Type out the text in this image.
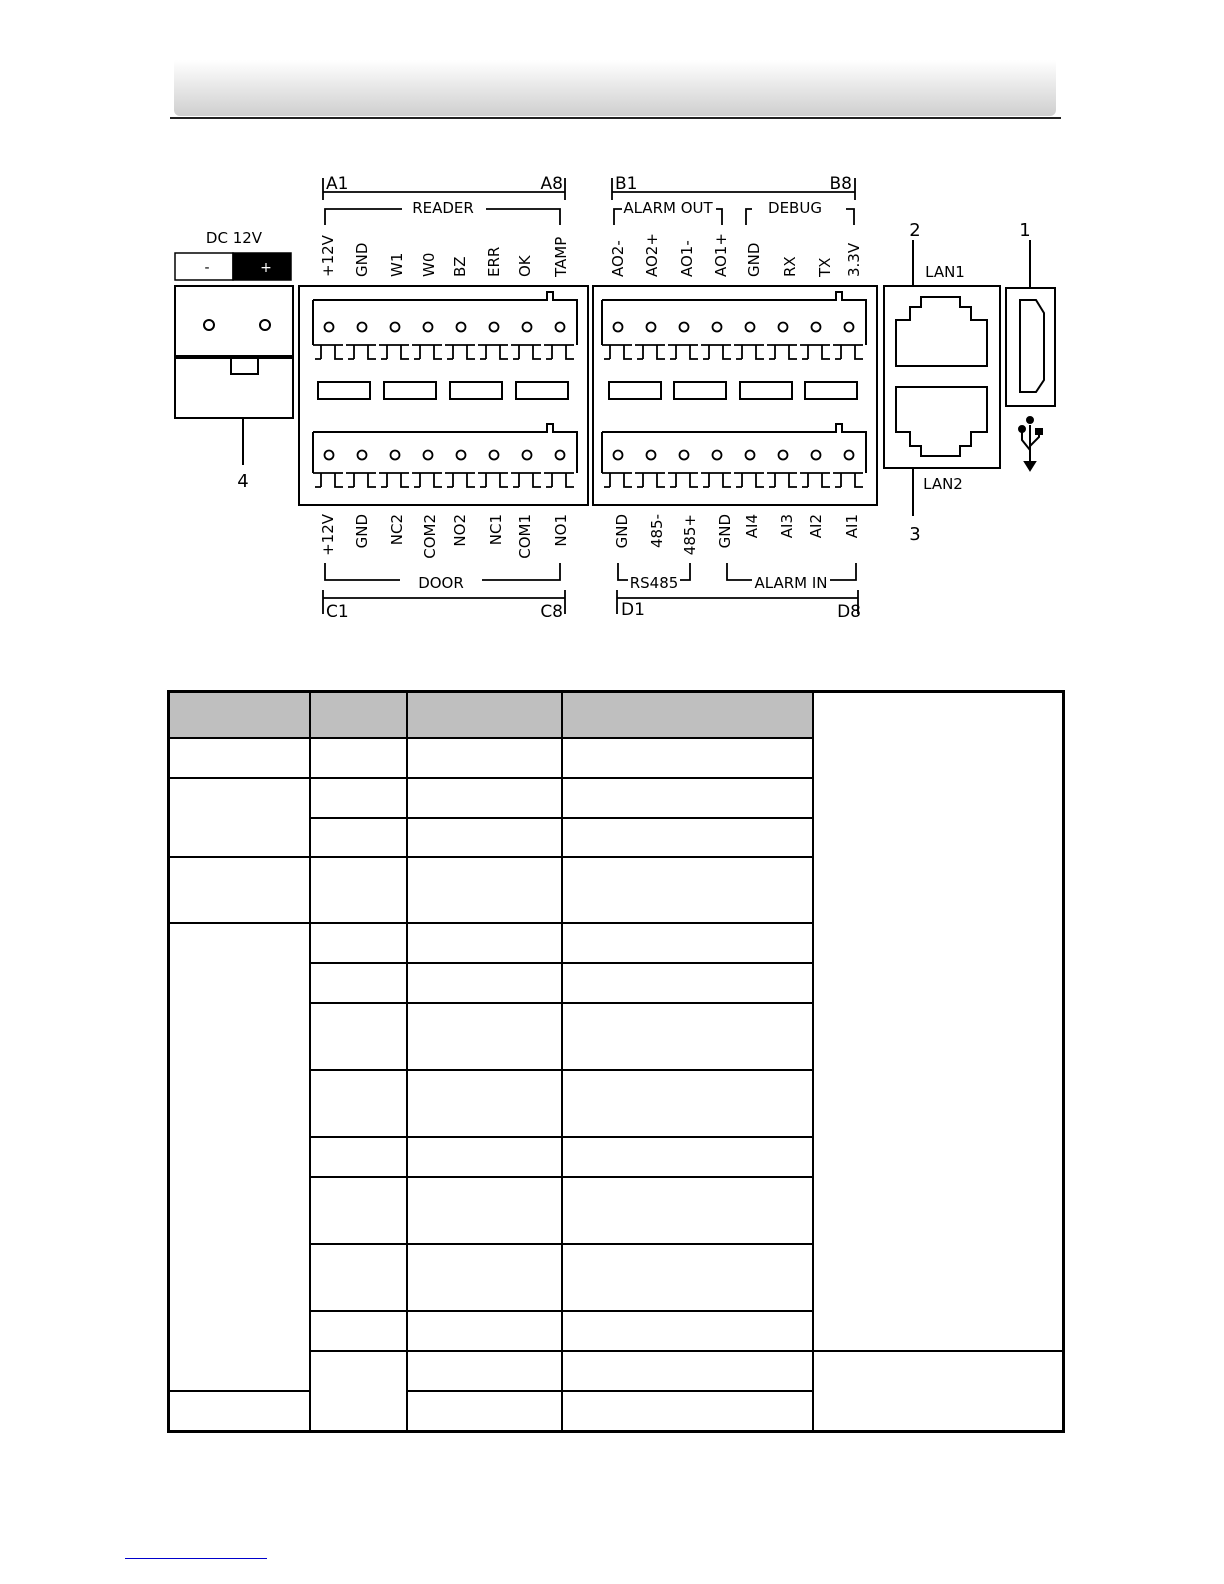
-	+
DC 12V	1
2
3
4
LAN1
LAN2
A1	A8	B1	B8
C1	C8	D1	D8
READER	ALARM OUT	DEBUG
DOOR	RS485	ALARM IN
+12V GND W1 W0 BZ ERR OK TAMP	AO2- AO2+ AO1- AO1+ GND RX TX 3.3V
+12V GND NC2 COM2 NO2 NC1 COM1 NO1	GND 485- 485+ GND AI4 AI3 AI2 AI1
